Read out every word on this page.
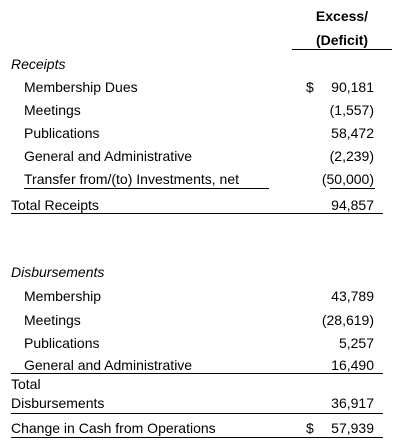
Excess/
(Deficit)
Receipts
Membership Dues	$ 90,181
Meetings	(1,557)
Publications	58,472
General and Administrative	(2,239)
Transfer from/(to) Investments, net	(50,000)
Total Receipts	94,857
Disbursements
Membership	43,789
Meetings	(28,619)
Publications	5,257
General and Administrative	16,490
Total
Disbursements	36,917
Change in Cash from Operations	$ 57,939
